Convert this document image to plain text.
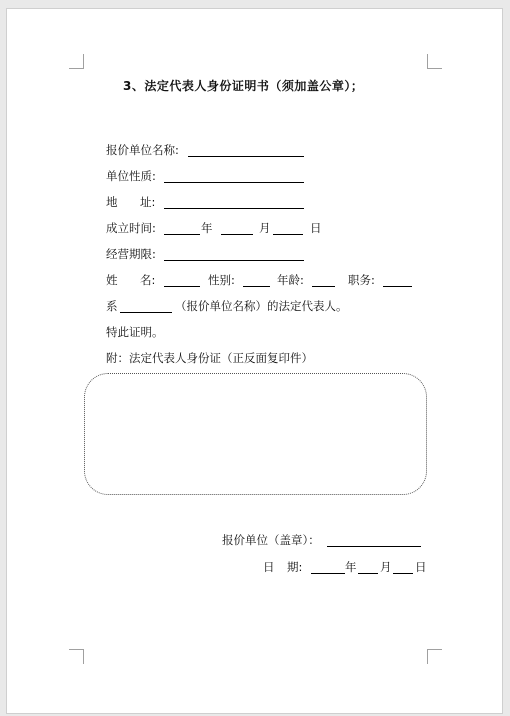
3、法定代表人身份证明书（须加盖公章）；
报价单位名称:
单位性质:
地 址:
成立时间:	年	月	日
经营期限:
姓 名:	性别:	年龄:	职务:
系	（报价单位名称）的法定代表人。
特此证明。
附：法定代表人身份证（正反面复印件）
报价单位（盖章）：
日 期:	年 月 日
